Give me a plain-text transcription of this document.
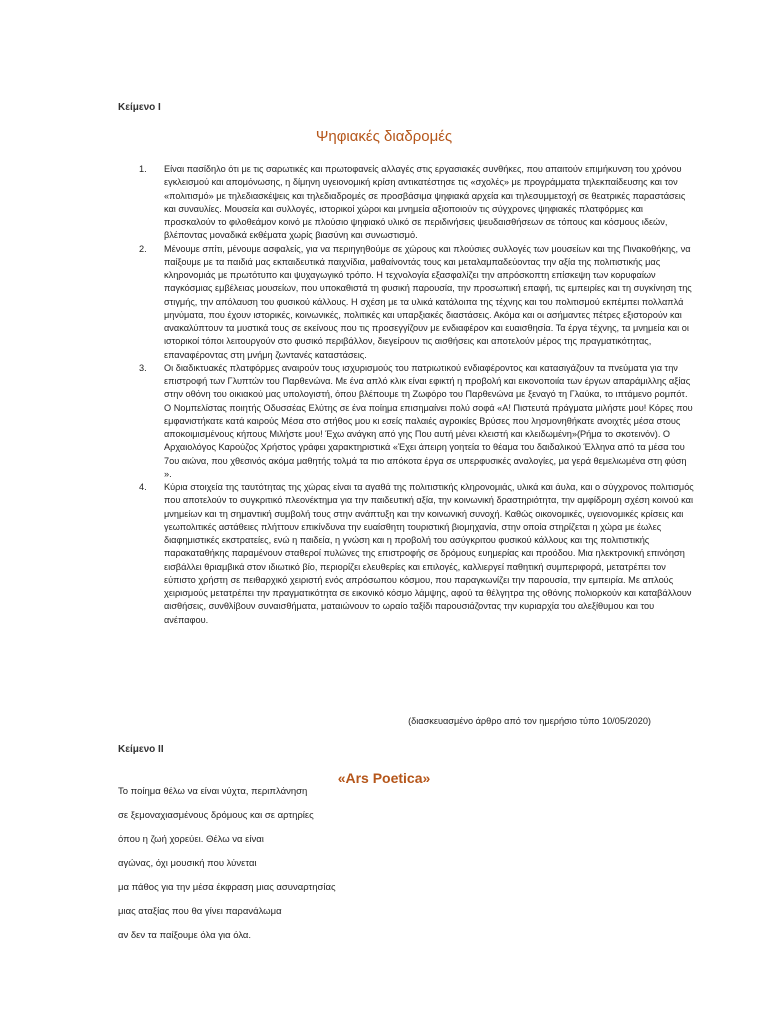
Κείμενο Ι
Ψηφιακές διαδρομές
1. Είναι πασίδηλο ότι με τις σαρωτικές και πρωτοφανείς αλλαγές στις εργασιακές συνθήκες, που απαιτούν επιμήκυνση του χρόνου εγκλεισμού και απομόνωσης, η δίμηνη υγειονομική κρίση αντικατέστησε τις «σχολές» με προγράμματα τηλεκπαίδευσης και τον «πολιτισμό» με τηλεδιασκέψεις και τηλεδιαδρομές σε προσβάσιμα ψηφιακά αρχεία και τηλεσυμμετοχή σε θεατρικές παραστάσεις και συναυλίες. Μουσεία και συλλογές, ιστορικοί χώροι και μνημεία αξιοποιούν τις σύγχρονες ψηφιακές πλατφόρμες και προσκαλούν το φιλοθεάμον κοινό με πλούσιο ψηφιακό υλικό σε περιδινήσεις ψευδαισθήσεων σε τόπους και κόσμους ιδεών, βλέποντας μοναδικά εκθέματα χωρίς βιασύνη και συνωστισμό.
2. Μένουμε σπίτι, μένουμε ασφαλείς, για να περιηγηθούμε σε χώρους και πλούσιες συλλογές των μουσείων και της Πινακοθήκης, να παίξουμε με τα παιδιά μας εκπαιδευτικά παιχνίδια, μαθαίνοντάς τους και μεταλαμπαδεύοντας την αξία της πολιτιστικής μας κληρονομιάς με πρωτότυπο και ψυχαγωγικό τρόπο. Η τεχνολογία εξασφαλίζει την απρόσκοπτη επίσκεψη των κορυφαίων παγκόσμιας εμβέλειας μουσείων, που υποκαθιστά τη φυσική παρουσία, την προσωπική επαφή, τις εμπειρίες και τη συγκίνηση της στιγμής, την απόλαυση του φυσικού κάλλους. Η σχέση με τα υλικά κατάλοιπα της τέχνης και του πολιτισμού εκπέμπει πολλαπλά μηνύματα, που έχουν ιστορικές, κοινωνικές, πολιτικές και υπαρξιακές διαστάσεις. Ακόμα και οι ασήμαντες πέτρες εξιστορούν και ανακαλύπτουν τα μυστικά τους σε εκείνους που τις προσεγγίζουν με ενδιαφέρον και ευαισθησία. Τα έργα τέχνης, τα μνημεία και οι ιστορικοί τόποι λειτουργούν στο φυσικό περιβάλλον, διεγείρουν τις αισθήσεις και αποτελούν μέρος της πραγματικότητας, επαναφέροντας στη μνήμη ζωντανές καταστάσεις.
3. Οι διαδικτυακές πλατφόρμες αναιρούν τους ισχυρισμούς του πατριωτικού ενδιαφέροντος και κατασιγάζουν τα πνεύματα για την επιστροφή των Γλυπτών του Παρθενώνα. Με ένα απλό κλικ είναι εφικτή η προβολή και εικονοποιία των έργων απαράμιλλης αξίας στην οθόνη του οικιακού μας υπολογιστή, όπου βλέπουμε τη Ζωφόρο του Παρθενώνα με ξεναγό τη Γλαύκα, το ιπτάμενο ρομπότ. Ο Νομπελίστας ποιητής Οδυσσέας Ελύτης σε ένα ποίημα επισημαίνει πολύ σοφά «Α! Πιστευτά πράγματα μιλήστε μου! Κόρες που εμφανιστήκατε κατά καιρούς Μέσα στο στήθος μου κι εσείς παλαιές αγροικίες Βρύσες που λησμονηθήκατε ανοιχτές μέσα στους αποκοιμισμένους κήπους Μιλήστε μου! Έχω ανάγκη από γης Που αυτή μένει κλειστή και κλειδωμένη»(Ρήμα το σκοτεινόν). Ο Αρχαιολόγος Καρούζος Χρήστος γράφει χαρακτηριστικά «Έχει άπειρη γοητεία το θέαμα του δαιδαλικού Έλληνα από τα μέσα του 7ου αιώνα, που χθεσινός ακόμα μαθητής τολμά τα πιο απόκοτα έργα σε υπερφυσικές αναλογίες, μα γερά θεμελιωμένα στη φύση ».
4. Κύρια στοιχεία της ταυτότητας της χώρας είναι τα αγαθά της πολιτιστικής κληρονομιάς, υλικά και άυλα, και ο σύγχρονος πολιτισμός που αποτελούν το συγκριτικό πλεονέκτημα για την παιδευτική αξία, την κοινωνική δραστηριότητα, την αμφίδρομη σχέση κοινού και μνημείων και τη σημαντική συμβολή τους στην ανάπτυξη και την κοινωνική συνοχή. Καθώς οικονομικές, υγειονομικές κρίσεις και γεωπολιτικές αστάθειες πλήττουν επικίνδυνα την ευαίσθητη τουριστική βιομηχανία, στην οποία στηρίζεται η χώρα με έωλες διαφημιστικές εκστρατείες, ενώ η παιδεία, η γνώση και η προβολή του ασύγκριτου φυσικού κάλλους και της πολιτιστικής παρακαταθήκης παραμένουν σταθεροί πυλώνες της επιστροφής σε δρόμους ευημερίας και προόδου. Μια ηλεκτρονική επινόηση εισβάλλει θριαμβικά στον ιδιωτικό βίο, περιορίζει ελευθερίες και επιλογές, καλλιεργεί παθητική συμπεριφορά, μετατρέπει τον εύπιστο χρήστη σε πειθαρχικό χειριστή ενός απρόσωπου κόσμου, που παραγκωνίζει την παρουσία, την εμπειρία. Με απλούς χειρισμούς μετατρέπει την πραγματικότητα σε εικονικό κόσμο λάμψης, αφού τα θέλγητρα της οθόνης πολιορκούν και καταβάλλουν αισθήσεις, συνθλίβουν συναισθήματα, ματαιώνουν το ωραίο ταξίδι παρουσιάζοντας την κυριαρχία του αλεξίθυμου και του ανέπαφου.
(διασκευασμένο άρθρο από τον ημερήσιο τύπο 10/05/2020)
Κείμενο ΙΙ
«Ars Poetica»
Το ποίημα θέλω να είναι νύχτα, περιπλάνηση
σε ξεμοναχιασμένους δρόμους και σε αρτηρίες
όπου η ζωή χορεύει. Θέλω να είναι
αγώνας, όχι μουσική που λύνεται
μα πάθος για την μέσα έκφραση μιας ασυναρτησίας
μιας αταξίας που θα γίνει παρανάλωμα
αν δεν τα παίξουμε όλα για όλα.
